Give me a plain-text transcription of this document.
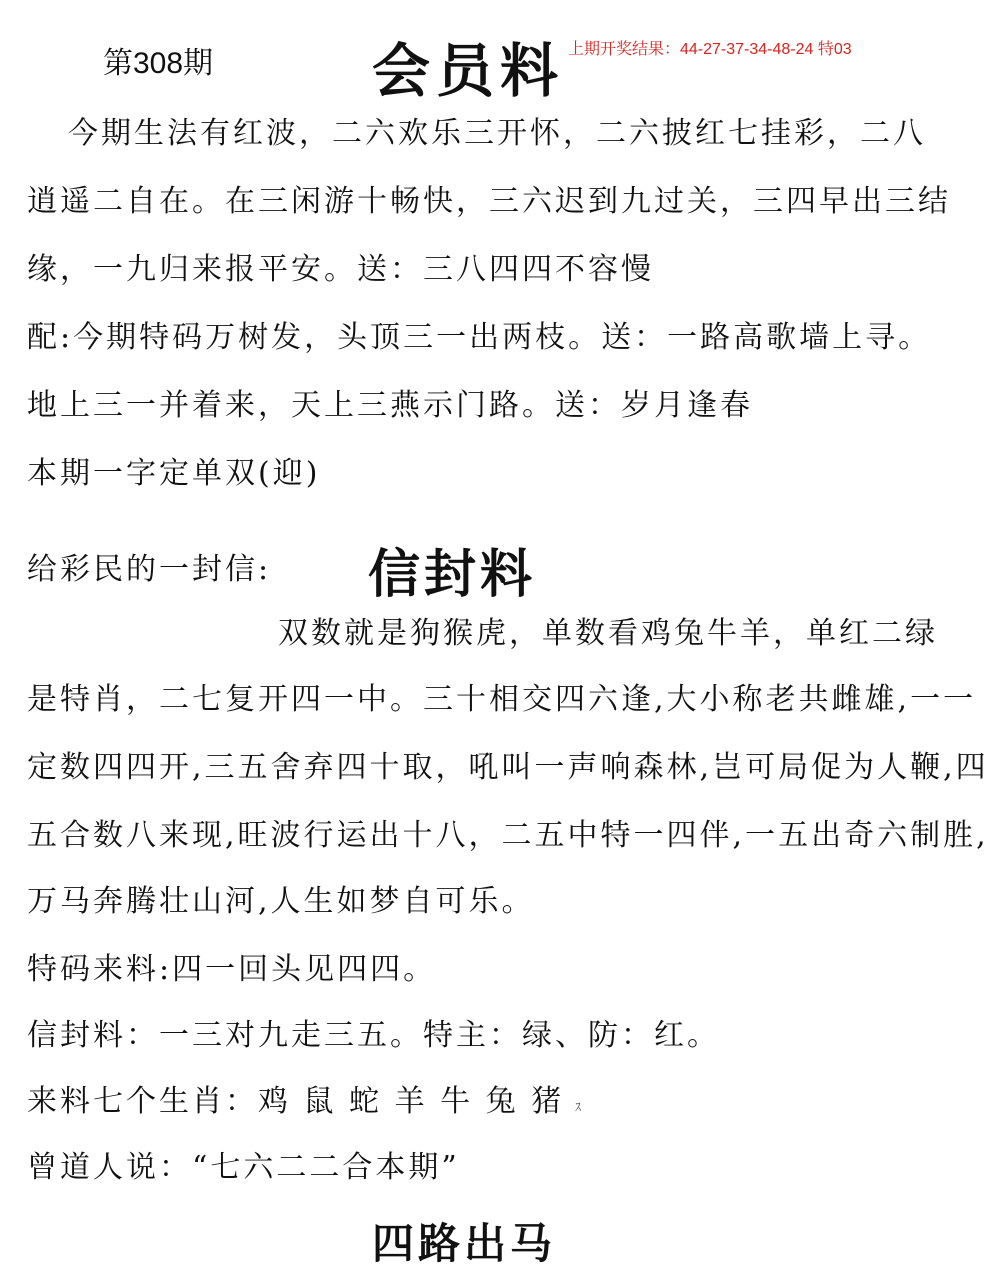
第308期	会员料 上期开奖结果：44-27-37-34-48-24 特03
今期生法有红波，二六欢乐三开怀，二六披红七挂彩，二八
逍遥二自在。在三闲游十畅快，三六迟到九过关，三四早出三结
缘，一九归来报平安。送：三八四四不容慢
配:今期特码万树发，头顶三一出两枝。送：一路高歌墙上寻。
地上三一并着来，天上三燕示门路。送：岁月逢春
本期一字定单双(迎)
给彩民的一封信: 信封料
双数就是狗猴虎，单数看鸡兔牛羊，单红二绿
是特肖，二七复开四一中。三十相交四六逢,大小称老共雌雄,一一
定数四四开,三五舍弃四十取，吼叫一声响森林,岂可局促为人鞭,四
五合数八来现,旺波行运出十八，二五中特一四伴,一五出奇六制胜,
万马奔腾壮山河,人生如梦自可乐。
特码来料:四一回头见四四。
信封料：一三对九走三五。特主：绿、防：红。
来料七个生肖：鸡 鼠 蛇 羊 牛 兔 猪 ｽ
曾道人说：“七六二二合本期”
四路出马
